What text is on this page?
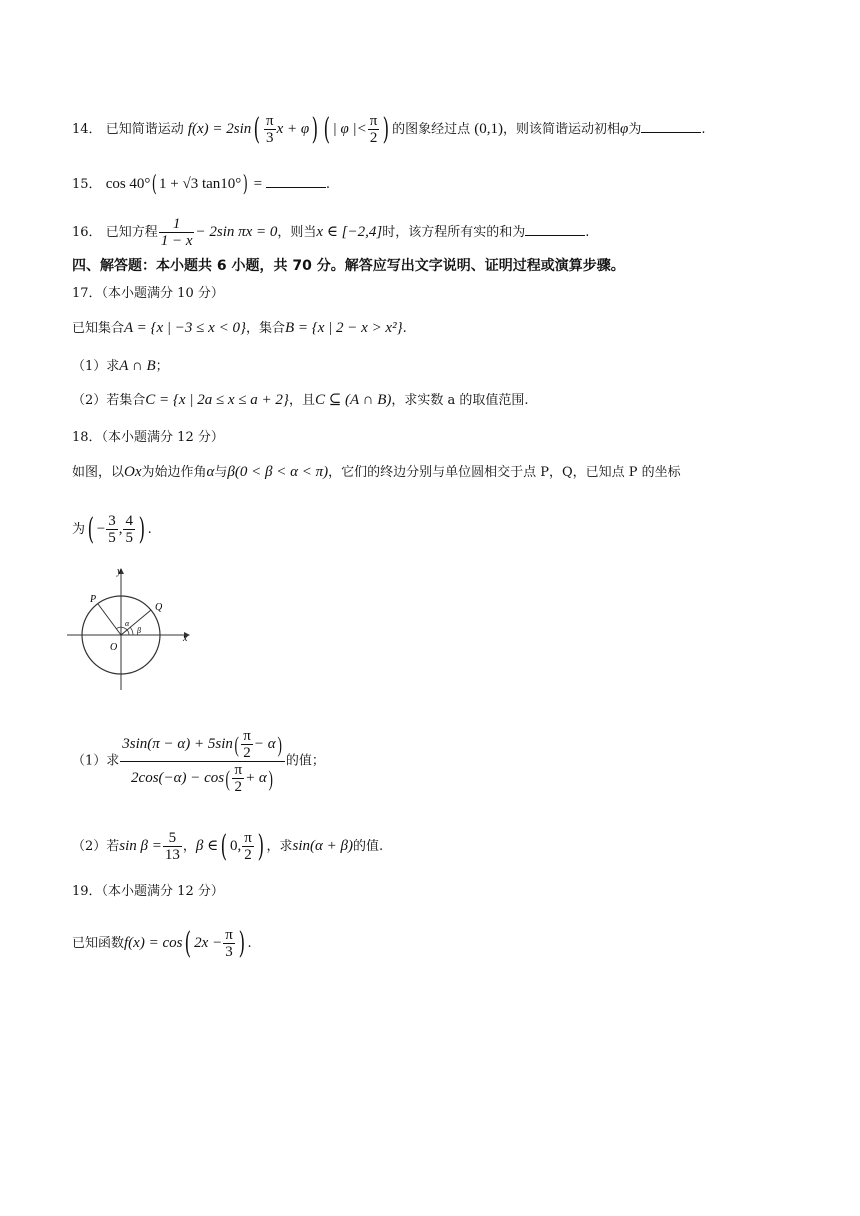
14． 已知简谐运动 $f(x) = 2\sin( \frac{\pi}{3}$ x + φ) ( | φ |< $\frac{\pi}{2}$ ) 的图象经过点 (0,1)，则该简谐运动初相φ为	.
15． cos 40°( 1 + √3 tan10°) =	.
16． 已知方程 $\frac{1}{1 - x} - 2\sin$ πx = 0，则当x ∈ [−2,4]时，该方程所有实的和为	.
四、解答题：本小题共 6 小题，共 70 分。解答应写出文字说明、证明过程或演算步骤。
17．（本小题满分 10 分）
已知集合A = {x | −3 ≤ x < 0}，集合B = {x | 2 − x > x²}.
（1）求A ∩ B；
（2）若集合C = {x | 2a ≤ x ≤ a + 2}，且C ⊆ (A ∩ B)，求实数 a 的取值范围.
18．（本小题满分 12 分）
如图，以Ox为始边作角α与β(0 < β < α < π)，它们的终边分别与单位圆相交于点 P，Q，已知点 P 的坐标
为( − $\frac{3}{5}$ , $\frac{4}{5}$ ) .
y
x
O
P
Q
α
β
（1）求 $\frac{3\sin(\pi - \alpha) + 5\sin( \frac{\pi}{2} - \alpha)}{2\cos(-\alpha) - \cos( \frac{\pi}{2} + \alpha)}$ 的值；
（2）若$\sin \beta = \frac{5}{13}$ ，β ∈( 0, $\frac{\pi}{2}$ ) ，求sin(α + β)的值.
19．（本小题满分 12 分）
已知函数f(x) = cos( $2x - \frac{\pi}{3}$ ) .
